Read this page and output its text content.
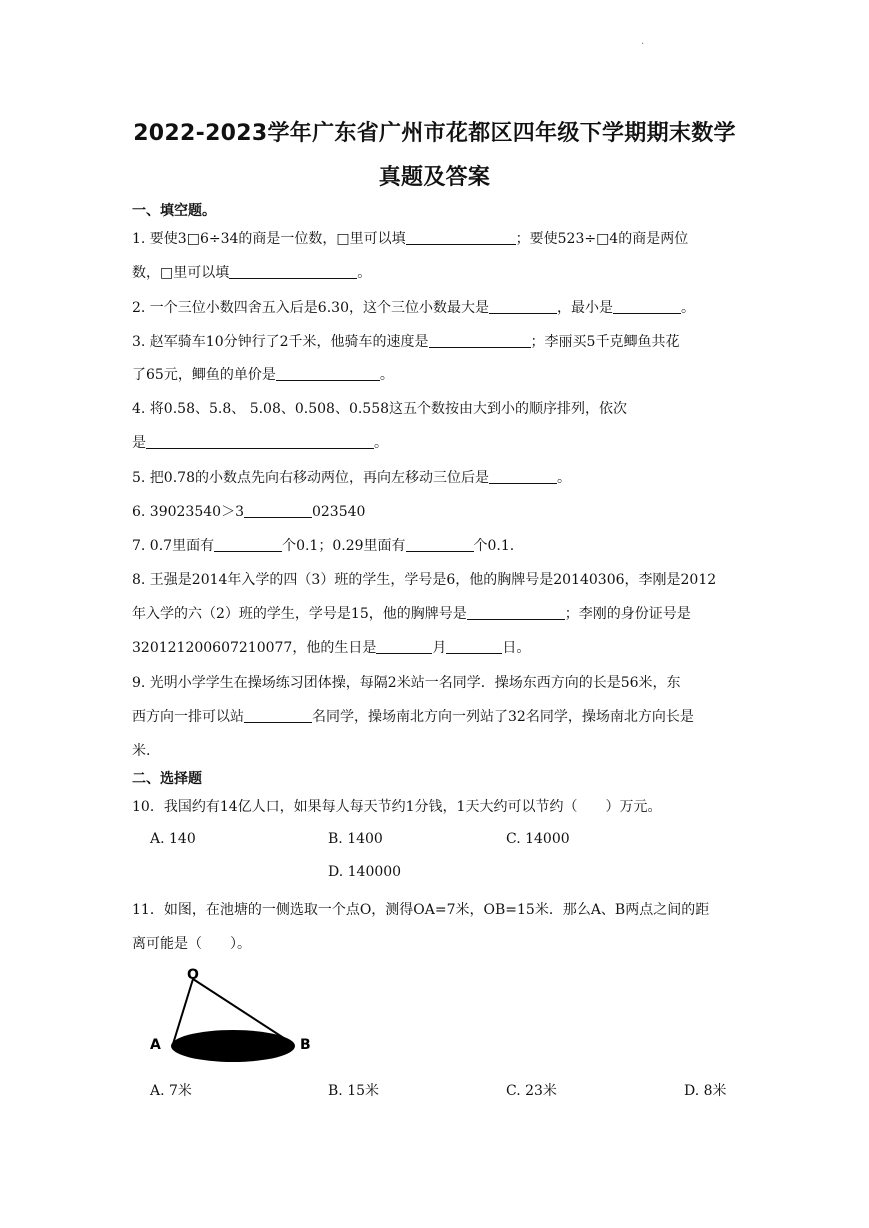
.
2022-2023学年广东省广州市花都区四年级下学期期末数学
真题及答案
一、填空题。
1. 要使3□6÷34的商是一位数，□里可以填	；要使523÷□4的商是两位
数，□里可以填	。
2. 一个三位小数四舍五入后是6.30，这个三位小数最大是	，最小是	。
3. 赵军骑车10分钟行了2千米，他骑车的速度是	；李丽买5千克鲫鱼共花
了65元，鲫鱼的单价是	。
4. 将0.58、5.8、 5.08、0.508、0.558这五个数按由大到小的顺序排列，依次
是	。
5. 把0.78的小数点先向右移动两位，再向左移动三位后是	。
6. 39023540＞3	023540
7. 0.7里面有	个0.1；0.29里面有	个0.1.
8. 王强是2014年入学的四（3）班的学生，学号是6，他的胸牌号是20140306，李刚是2012
年入学的六（2）班的学生，学号是15，他的胸牌号是	；李刚的身份证号是
320121200607210077，他的生日是	月	日。
9. 光明小学学生在操场练习团体操，每隔2米站一名同学．操场东西方向的长是56米，东
西方向一排可以站	名同学，操场南北方向一列站了32名同学，操场南北方向长是
米.
二、选择题
10．我国约有14亿人口，如果每人每天节约1分钱，1天大约可以节约（　　）万元。
A. 140	B. 1400	C. 14000
D. 140000
11．如图，在池塘的一侧选取一个点O，测得OA=7米，OB=15米．那么A、B两点之间的距
离可能是（　　）。
O
A	B
A. 7米	B. 15米	C. 23米	D. 8米
